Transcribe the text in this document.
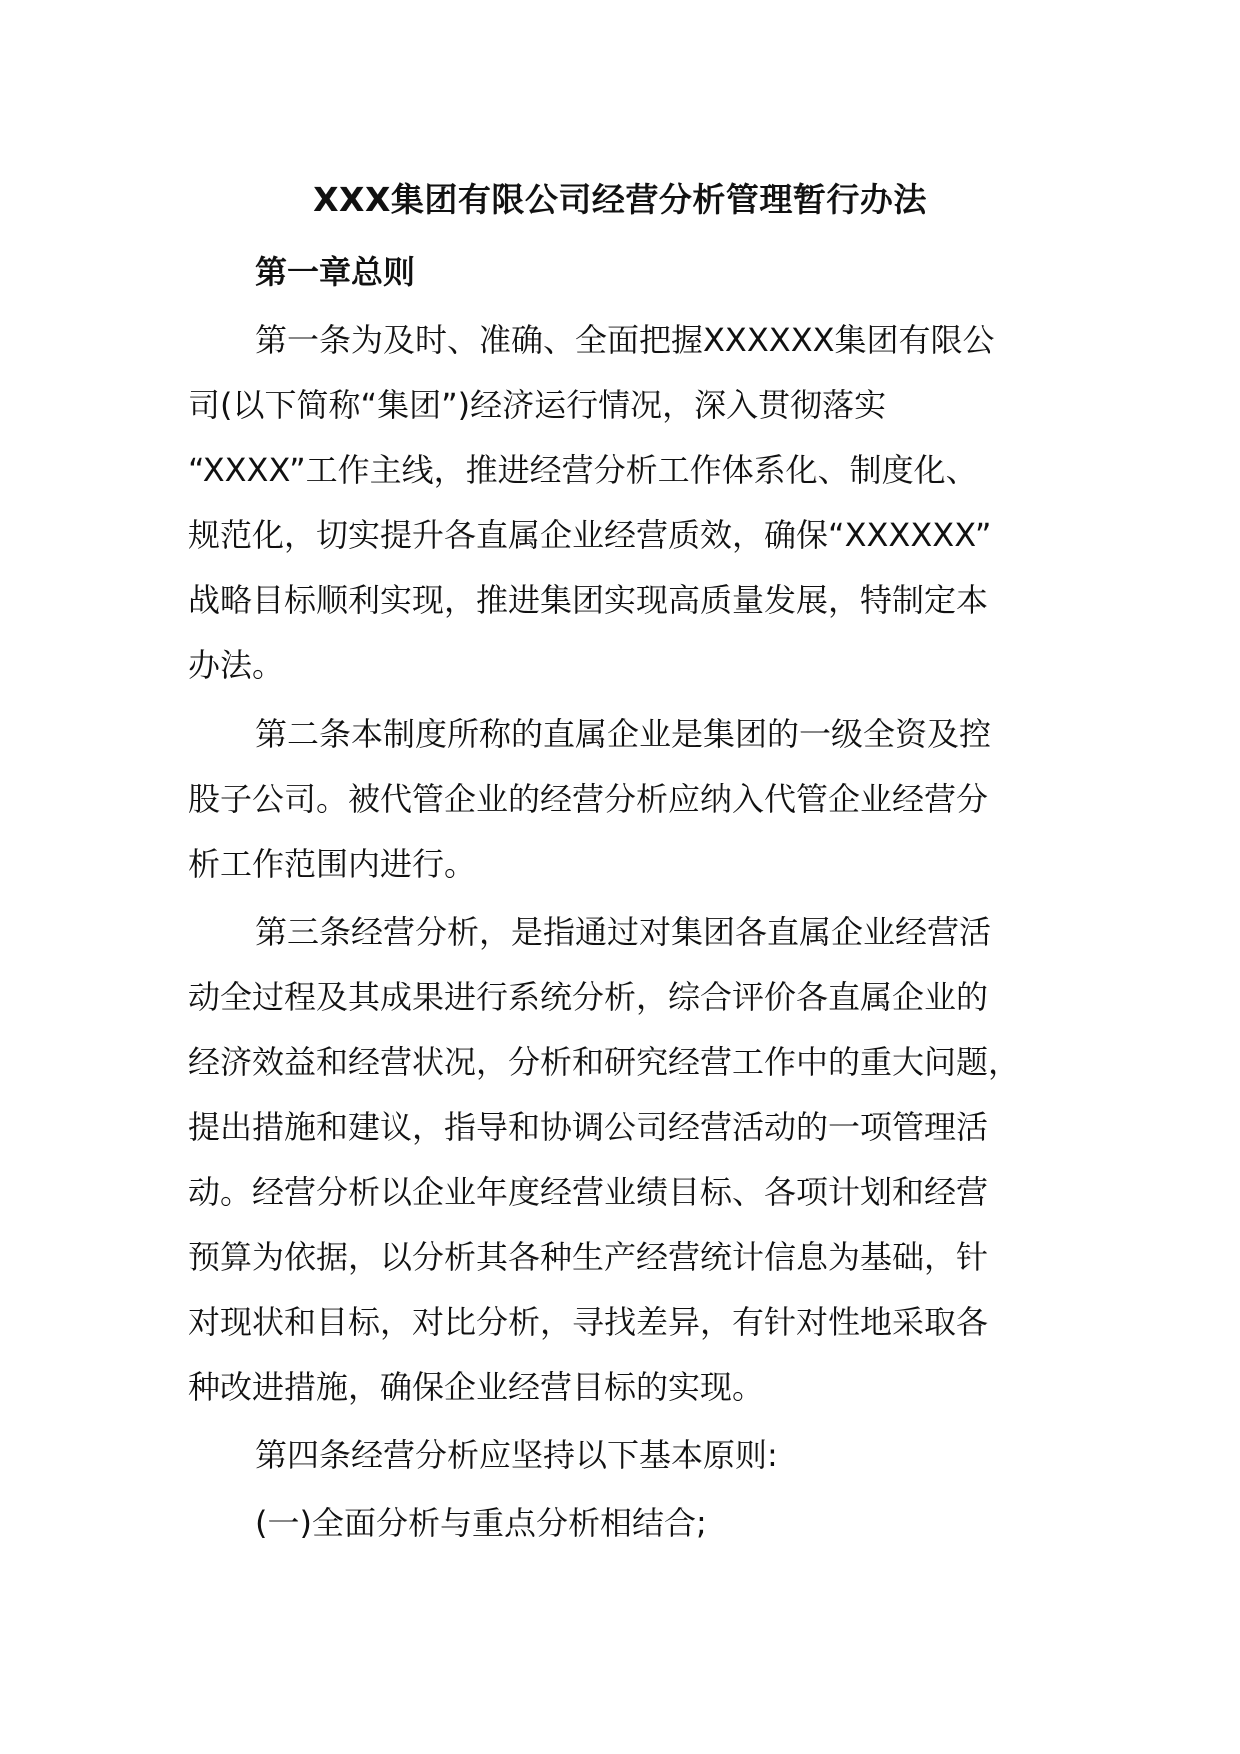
XXX集团有限公司经营分析管理暂行办法
第一章总则
第一条为及时、准确、全面把握XXXXXX集团有限公
司(以下简称“集团”)经济运行情况，深入贯彻落实
“XXXX”工作主线，推进经营分析工作体系化、制度化、
规范化，切实提升各直属企业经营质效，确保“XXXXXX”
战略目标顺利实现，推进集团实现高质量发展，特制定本
办法。
第二条本制度所称的直属企业是集团的一级全资及控
股子公司。被代管企业的经营分析应纳入代管企业经营分
析工作范围内进行。
第三条经营分析，是指通过对集团各直属企业经营活
动全过程及其成果进行系统分析，综合评价各直属企业的
经济效益和经营状况，分析和研究经营工作中的重大问题，
提出措施和建议，指导和协调公司经营活动的一项管理活
动。经营分析以企业年度经营业绩目标、各项计划和经营
预算为依据，以分析其各种生产经营统计信息为基础，针
对现状和目标，对比分析，寻找差异，有针对性地采取各
种改进措施，确保企业经营目标的实现。
第四条经营分析应坚持以下基本原则:
(一)全面分析与重点分析相结合;
